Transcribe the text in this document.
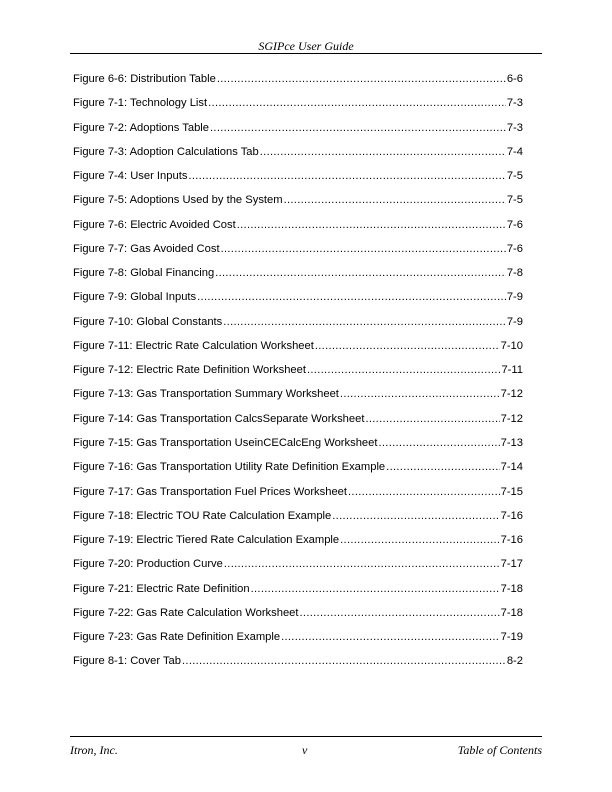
SGIPce User Guide
Figure 6-6: Distribution Table .....	6-6
Figure 7-1: Technology List .....	7-3
Figure 7-2: Adoptions Table .....	7-3
Figure 7-3: Adoption Calculations Tab .....	7-4
Figure 7-4: User Inputs .....	7-5
Figure 7-5: Adoptions Used by the System .....	7-5
Figure 7-6: Electric Avoided Cost .....	7-6
Figure 7-7: Gas Avoided Cost .....	7-6
Figure 7-8: Global Financing .....	7-8
Figure 7-9: Global Inputs .....	7-9
Figure 7-10: Global Constants .....	7-9
Figure 7-11: Electric Rate Calculation Worksheet .....	7-10
Figure 7-12: Electric Rate Definition Worksheet .....	7-11
Figure 7-13: Gas Transportation Summary Worksheet .....	7-12
Figure 7-14: Gas Transportation CalcsSeparate Worksheet .....	7-12
Figure 7-15: Gas Transportation UseinCECalcEng Worksheet .....	7-13
Figure 7-16: Gas Transportation Utility Rate Definition Example .....	7-14
Figure 7-17: Gas Transportation Fuel Prices Worksheet .....	7-15
Figure 7-18: Electric TOU Rate Calculation Example .....	7-16
Figure 7-19: Electric Tiered Rate Calculation Example .....	7-16
Figure 7-20: Production Curve .....	7-17
Figure 7-21: Electric Rate Definition .....	7-18
Figure 7-22: Gas Rate Calculation Worksheet .....	7-18
Figure 7-23: Gas Rate Definition Example .....	7-19
Figure 8-1: Cover Tab .....	8-2
Itron, Inc.	v	Table of Contents
